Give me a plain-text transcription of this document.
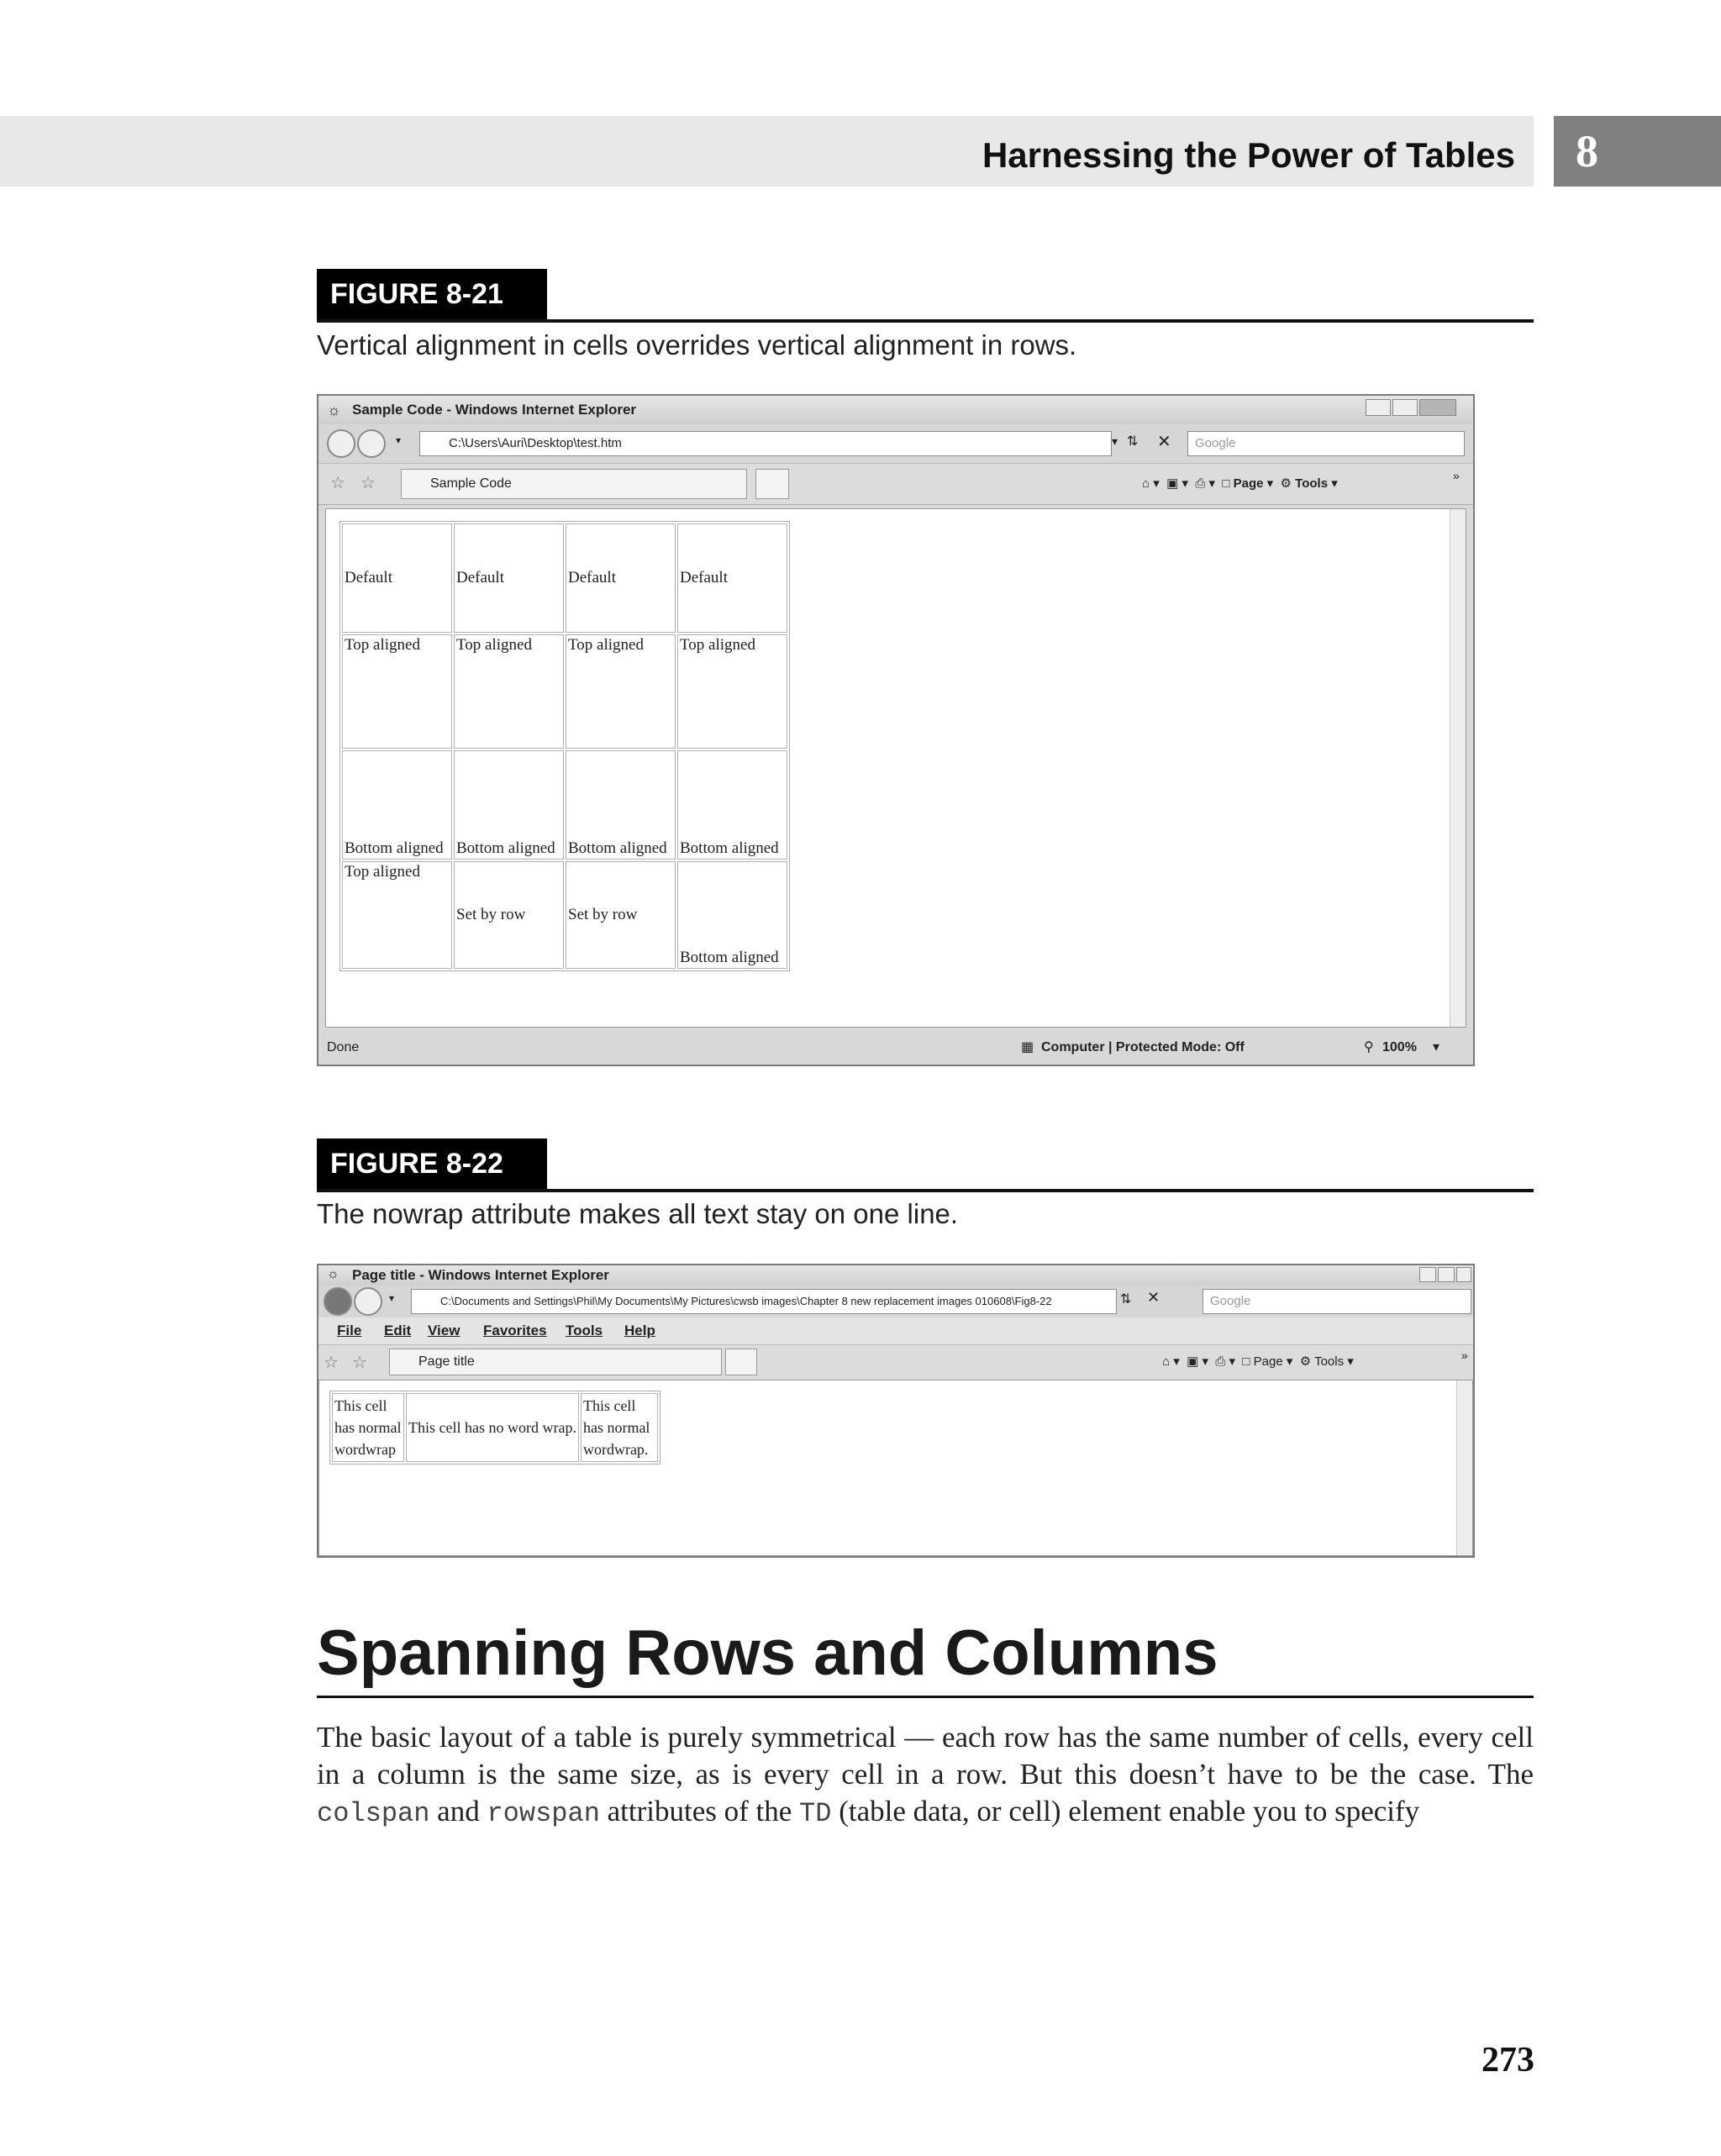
Harnessing the Power of Tables	8
FIGURE 8-21
Vertical alignment in cells overrides vertical alignment in rows.
Sample Code - Windows Internet Explorer
☼
▾	C:\Users\Auri\Desktop\test.htm	▾ ⇅ ✕	Google
☆ ☆	Sample Code	⌂ ▾  ▣ ▾  ⎙ ▾  □ Page ▾  ⚙ Tools ▾
»
Default	Default	Default	Default
Top aligned	Top aligned	Top aligned	Top aligned
Bottom aligned	Bottom aligned	Bottom aligned	Bottom aligned
Top aligned	Set by row	Set by row	Bottom aligned
Done	▦ Computer | Protected Mode: Off	⚲ 100% ▾
FIGURE 8-22
The nowrap attribute makes all text stay on one line.
Page title - Windows Internet Explorer
☼
▾	C:\Documents and Settings\Phil\My Documents\My Pictures\cwsb images\Chapter 8 new replacement images 010608\Fig8-22	⇅ ✕	Google
File Edit View Favorites Tools Help
☆ ☆	Page title	⌂ ▾  ▣ ▾  ⎙ ▾  □ Page ▾  ⚙ Tools ▾	»
This cell has normal wordwrap	This cell has no word wrap.	This cell has normal wordwrap.
Spanning Rows and Columns
The basic layout of a table is purely symmetrical — each row has the same number of cells, every cell in a column is the same size, as is every cell in a row. But this doesn’t have to be the case. The colspan and rowspan attributes of the TD (table data, or cell) element enable you to specify
273
